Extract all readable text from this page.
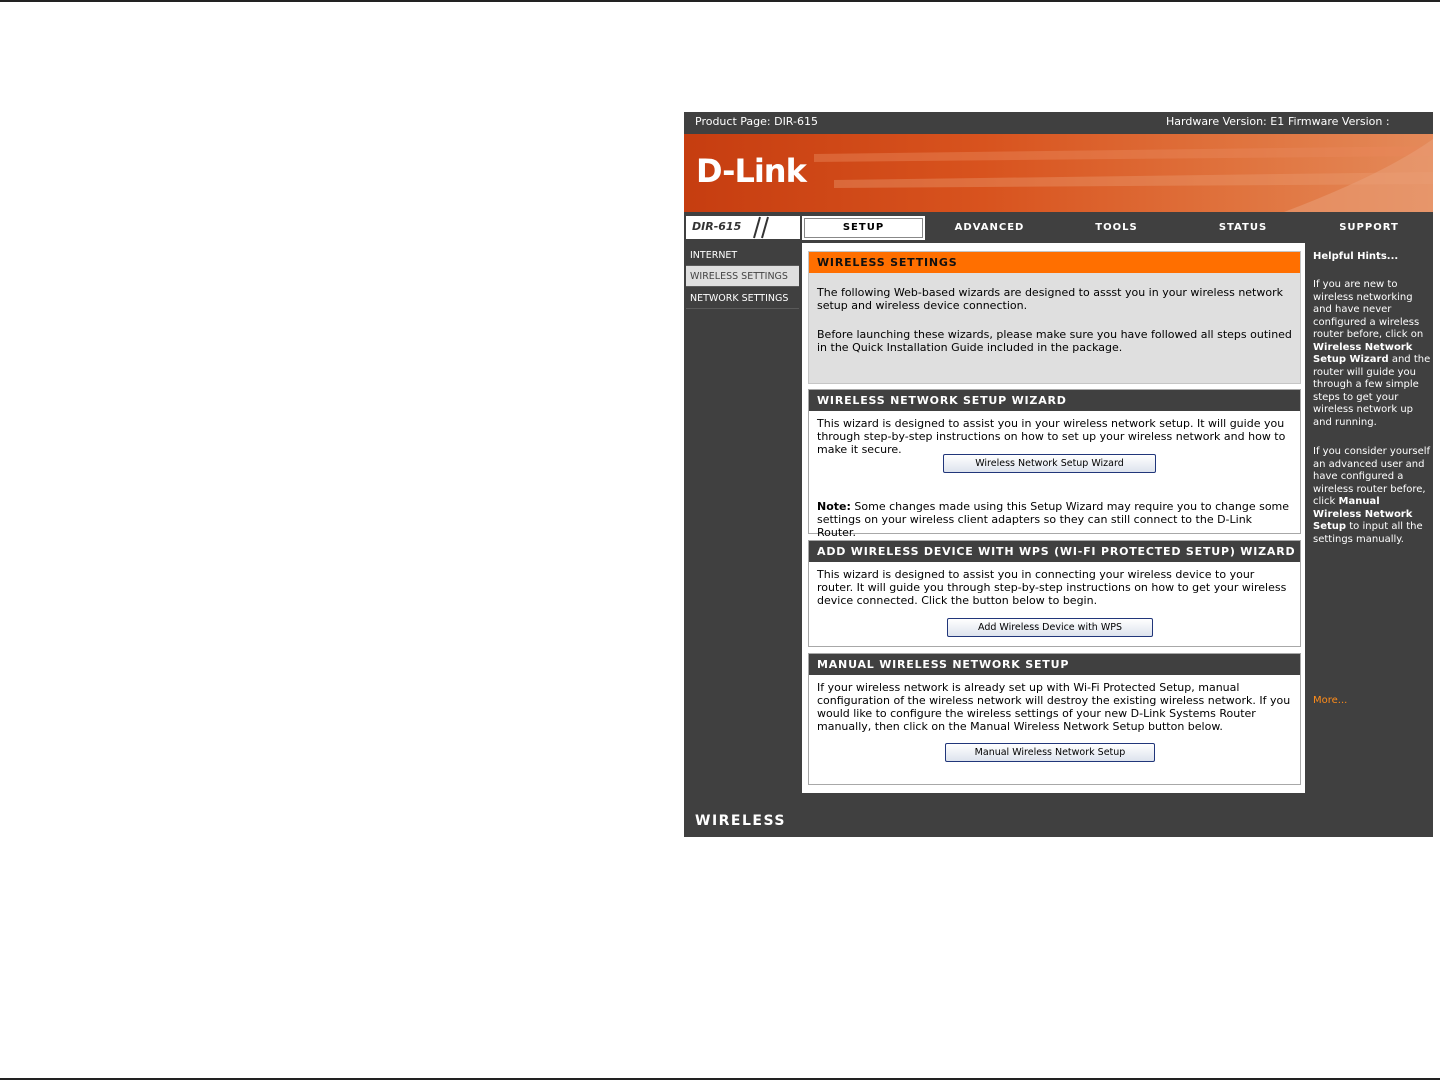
Product Page: DIR-615	Hardware Version: E1 Firmware Version :
D-Link
DIR-615	SETUP	ADVANCED	TOOLS	STATUS	SUPPORT
INTERNET
WIRELESS SETTINGS
NETWORK SETTINGS
WIRELESS SETTINGS

The following Web-based wizards are designed to assst you in your wireless network setup and wireless device connection.

Before launching these wizards, please make sure you have followed all steps outined in the Quick Installation Guide included in the package.

WIRELESS NETWORK SETUP WIZARD

This wizard is designed to assist you in your wireless network setup. It will guide you through step-by-step instructions on how to set up your wireless network and how to make it secure.

Wireless Network Setup Wizard

Note: Some changes made using this Setup Wizard may require you to change some settings on your wireless client adapters so they can still connect to the D-Link Router.

ADD WIRELESS DEVICE WITH WPS (WI-FI PROTECTED SETUP) WIZARD

This wizard is designed to assist you in connecting your wireless device to your router. It will guide you through step-by-step instructions on how to get your wireless device connected. Click the button below to begin.

Add Wireless Device with WPS
MANUAL WIRELESS NETWORK SETUP

If your wireless network is already set up with Wi-Fi Protected Setup, manual configuration of the wireless network will destroy the existing wireless network. If you would like to configure the wireless settings of your new D-Link Systems Router manually, then click on the Manual Wireless Network Setup button below.

Manual Wireless Network Setup
Helpful Hints...
If you are new to wireless networking and have never configured a wireless router before, click on Wireless Network Setup Wizard and the router will guide you through a few simple steps to get your wireless network up and running.
If you consider yourself an advanced user and have configured a wireless router before, click Manual Wireless Network Setup to input all the settings manually.
More...
WIRELESS
